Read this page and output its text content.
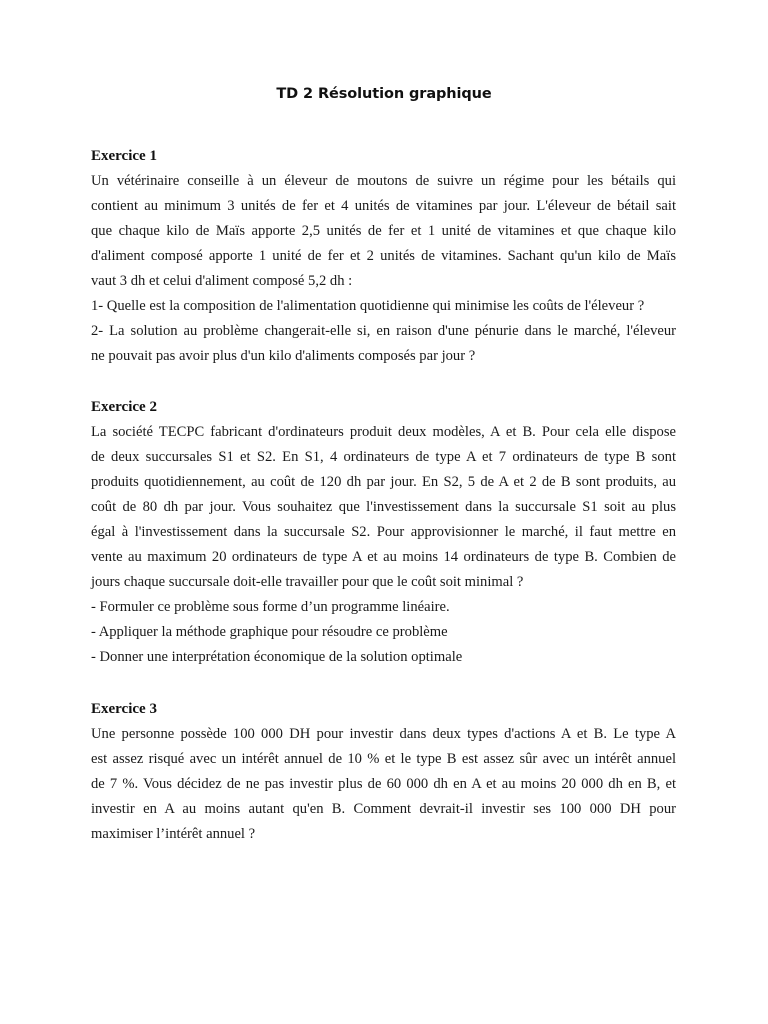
TD 2 Résolution graphique
Exercice 1
Un vétérinaire conseille à un éleveur de moutons de suivre un régime pour les bétails qui
contient au minimum 3 unités de fer et 4 unités de vitamines par jour. L'éleveur de bétail sait
que chaque kilo de Maïs apporte 2,5 unités de fer et 1 unité de vitamines et que chaque kilo
d'aliment composé apporte 1 unité de fer et 2 unités de vitamines. Sachant qu'un kilo de Maïs
vaut 3 dh et celui d'aliment composé 5,2 dh :
1- Quelle est la composition de l'alimentation quotidienne qui minimise les coûts de l'éleveur ?
2- La solution au problème changerait-elle si, en raison d'une pénurie dans le marché, l'éleveur
ne pouvait pas avoir plus d'un kilo d'aliments composés par jour ?
Exercice 2
La société TECPC fabricant d'ordinateurs produit deux modèles, A et B. Pour cela elle dispose
de deux succursales S1 et S2. En S1, 4 ordinateurs de type A et 7 ordinateurs de type B sont
produits quotidiennement, au coût de 120 dh par jour. En S2, 5 de A et 2 de B sont produits, au
coût de 80 dh par jour. Vous souhaitez que l'investissement dans la succursale S1 soit au plus
égal à l'investissement dans la succursale S2. Pour approvisionner le marché, il faut mettre en
vente au maximum 20 ordinateurs de type A et au moins 14 ordinateurs de type B. Combien de
jours chaque succursale doit-elle travailler pour que le coût soit minimal ?
- Formuler ce problème sous forme d’un programme linéaire.
- Appliquer la méthode graphique pour résoudre ce problème
- Donner une interprétation économique de la solution optimale
Exercice 3
Une personne possède 100 000 DH pour investir dans deux types d'actions A et B. Le type A
est assez risqué avec un intérêt annuel de 10 % et le type B est assez sûr avec un intérêt annuel
de 7 %. Vous décidez de ne pas investir plus de 60 000 dh en A et au moins 20 000 dh en B, et
investir en A au moins autant qu'en B. Comment devrait-il investir ses 100 000 DH pour
maximiser l’intérêt annuel ?
